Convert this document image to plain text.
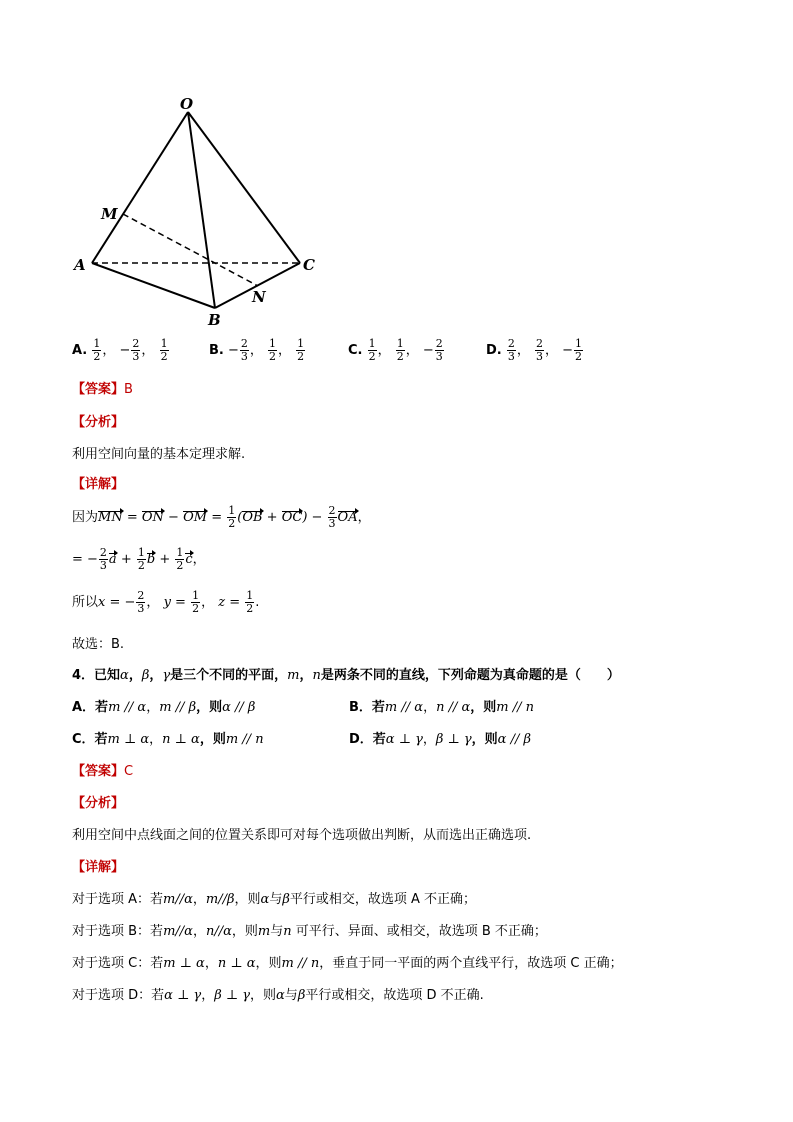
O
M
A	C
N
B
A. $\frac{1}{2}$ ， − $\frac{2}{3}$ ， $\frac{1}{2}$	B. − $\frac{2}{3}$ ， $\frac{1}{2}$ ， $\frac{1}{2}$	C. $\frac{1}{2}$ ， $\frac{1}{2}$ ， − $\frac{2}{3}$	D. $\frac{2}{3}$ ， $\frac{2}{3}$ ， − $\frac{1}{2}$
【答案】B
【分析】
利用空间向量的基本定理求解.
【详解】
因为MN = ON − OM = $\frac{1}{2} (OB + OC) - \frac{2}{3}$ OA，
= − $\frac{2}{3}$ $a + \frac{1}{2}$ $b + \frac{1}{2}$ c，
所以x = − $\frac{2}{3}$ ， $y = \frac{1}{2}$ ， $z = \frac{1}{2}$ .
故选：B.
4．已知α，β，γ是三个不同的平面，m，n是两条不同的直线，下列命题为真命题的是（　　）
A．若m // α，m // β，则α // β	B．若m // α，n // α，则m // n
C．若m ⊥ α，n ⊥ α，则m // n	D．若α ⊥ γ，β ⊥ γ，则α // β
【答案】C
【分析】
利用空间中点线面之间的位置关系即可对每个选项做出判断，从而选出正确选项.
【详解】
对于选项 A：若m//α，m//β，则α与β平行或相交，故选项 A 不正确；
对于选项 B：若m//α，n//α，则m与n 可平行、异面、或相交，故选项 B 不正确；
对于选项 C：若m ⊥ α，n ⊥ α，则m // n，垂直于同一平面的两个直线平行，故选项 C 正确；
对于选项 D：若α ⊥ γ，β ⊥ γ，则α与β平行或相交，故选项 D 不正确.
